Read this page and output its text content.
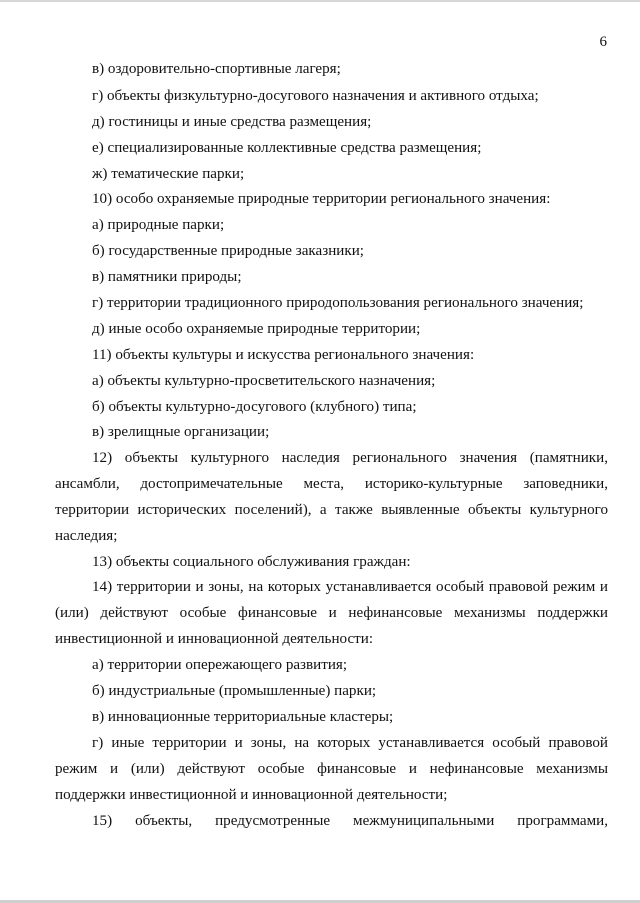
6
в) оздоровительно-спортивные лагеря;
г) объекты физкультурно-досугового назначения и активного отдыха;
д) гостиницы и иные средства размещения;
е) специализированные коллективные средства размещения;
ж) тематические парки;
10) особо охраняемые природные территории регионального значения:
а) природные парки;
б) государственные природные заказники;
в) памятники природы;
г) территории традиционного природопользования регионального значения;
д) иные особо охраняемые природные территории;
11) объекты культуры и искусства регионального значения:
а) объекты культурно-просветительского назначения;
б) объекты культурно-досугового (клубного) типа;
в) зрелищные организации;
12) объекты культурного наследия регионального значения (памятники,
ансамбли, достопримечательные места, историко-культурные заповедники,
территории исторических поселений), а также выявленные объекты культурного
наследия;
13) объекты социального обслуживания граждан:
14) территории и зоны, на которых устанавливается особый правовой режим и
(или) действуют особые финансовые и нефинансовые механизмы поддержки
инвестиционной и инновационной деятельности:
а) территории опережающего развития;
б) индустриальные (промышленные) парки;
в) инновационные территориальные кластеры;
г) иные территории и зоны, на которых устанавливается особый правовой
режим и (или) действуют особые финансовые и нефинансовые механизмы
поддержки инвестиционной и инновационной деятельности;
15) объекты, предусмотренные межмуниципальными программами,
